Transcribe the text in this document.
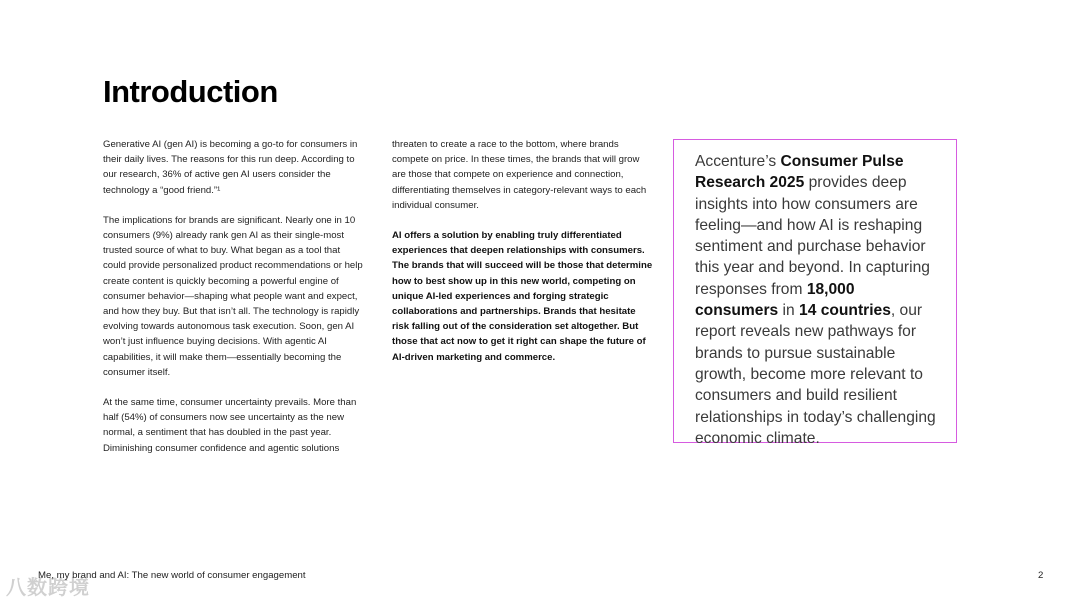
八数跨境
Introduction

Generative AI (gen AI) is becoming a go-to for consumers in their daily lives. The reasons for this run deep. According to our research, 36% of active gen AI users consider the technology a “good friend.”¹

The implications for brands are significant. Nearly one in 10 consumers (9%) already rank gen AI as their single-most trusted source of what to buy. What began as a tool that could provide personalized product recommendations or help create content is quickly becoming a powerful engine of consumer behavior—shaping what people want and expect, and how they buy. But that isn’t all. The technology is rapidly evolving towards autonomous task execution. Soon, gen AI won’t just influence buying decisions. With agentic AI capabilities, it will make them—essentially becoming the consumer itself.

At the same time, consumer uncertainty prevails. More than half (54%) of consumers now see uncertainty as the new normal, a sentiment that has doubled in the past year. Diminishing consumer confidence and agentic solutions

threaten to create a race to the bottom, where brands compete on price. In these times, the brands that will grow are those that compete on experience and connection, differentiating themselves in category-relevant ways to each individual consumer.

AI offers a solution by enabling truly differentiated experiences that deepen relationships with consumers. The brands that will succeed will be those that determine how to best show up in this new world, competing on unique AI-led experiences and forging strategic collaborations and partnerships. Brands that hesitate risk falling out of the consideration set altogether. But those that act now to get it right can shape the future of AI-driven marketing and commerce.

Accenture’s Consumer Pulse Research 2025 provides deep insights into how consumers are feeling—and how AI is reshaping sentiment and purchase behavior this year and beyond. In capturing responses from 18,000 consumers in 14 countries, our report reveals new pathways for brands to pursue sustainable growth, become more relevant to consumers and build resilient relationships in today’s challenging economic climate.
Me, my brand and AI: The new world of consumer engagement	2
